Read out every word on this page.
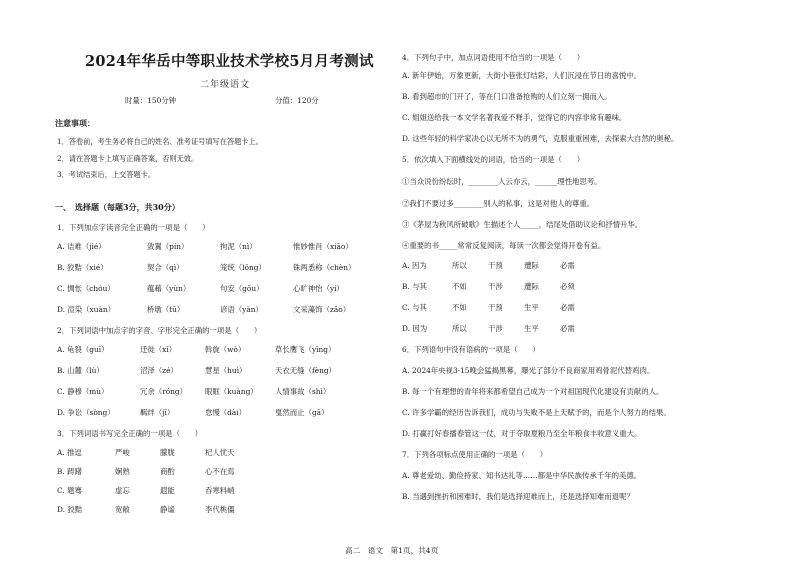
2024年华岳中等职业技术学校5月月考测试
二年级语文
时量：150分钟	分值：120分
注意事项：
1．答卷前，考生务必将自己的姓名、准考证号填写在答题卡上。
2．请在答题卡上填写正确答案，否则无效。
3．考试结束后，上交答题卡。
一、　选择题（每题3分，共30分）
1．下列加点字读音完全正确的一项是（　　）
A. 诘难（jié）	敛翼（pín）	拘泥（nì）	惟妙惟肖（xiāo）
B. 狡黠（xié）	契合（qì）	笼统（lǒng）	铢两悉称（chèn）
C. 惆怅（chóu）	蕴藉（yùn）	句安（gōu）	心旷神怡（yí）
D. 渲染（xuàn）	桥墩（tū）	谚语（yàn）	文采藻饰（zǎo）
2．下列词语中加点字的字音、字形完全正确的一项是（　　）
A. 龟裂（guī）	迁徙（xǐ）	斡旋（wò）	草长鹰飞（yīng）
B. 山麓（lù）	沼泽（zé）	慧星（huì）	天衣无缝（fèng）
C. 静穆（mù）	冗余（róng） 眼眶（kuàng） 人情事故（shì）
D. 争讼（sòng）	羁绊（jī）	怠慢（dài）	戛然而止（gā）
3．下列词语书写完全正确的一项是（　　）
A. 推逗	严峻	朦胧	杞人忧天
B. 踌躇	娴熟	商酌	心不在焉
C. 题骞	虚忘	遐能	吞寒料峭
D. 狡黠	宽敞	静谧	李代桃僵
4．下列句子中，加点词语使用不恰当的一项是（　　）
A. 新年伊始，万象更新，大街小巷张灯结彩，人们沉浸在节日的喜悦中。
B. 看到超市的门开了，等在门口准备抢购的人们立刻一拥而入。
C. 姐姐送给我一本文学名著我爱不释手，觉得它的内容非常有趣味。
D. 这些年轻的科学家决心以无所不为的勇气，克服重重困难，去探索大自然的奥秘。
5．依次填入下面横线处的词语，恰当的一项是（　　）
①当众说份纷纭时，________人云亦云，______理性地思考。
②我们不要过多________别人的私事，这是对他人的尊重。
③《茅屋为秋风所破歌》生描述个人_____，结尾处借助议论和抒情升华。
④重要的书_____常常反复阅读，每读一次都会觉得开卷有益。
A. 因为	所以	干预	遭际	必需
B. 与其	不如	干涉	遭际	必须
C. 与其	不如	干预	生平	必需
D. 因为	所以	干涉	生平	必需
6．下列语句中没有语病的一项是（　　）
A. 2024年央视3·15晚会猛揭黑幕，曝光了部分不良商家用鸡骨泥代替鸡肉。
B. 每一个有理想的青年将来都希望自己成为一个对祖国现代化建设有贡献的人。
C. 许多学霸的经历告诉我们，成功与失败不是上天赋予的，而是个人努力的结果。
D. 打赢打好春播春管这一仗，对于夺取夏粮乃至全年粮食丰收意义重大。
7．下列各项标点使用正确的一项是（　　）
A. 尊老爱幼、勤俭持家、知书达礼等……都是中华民族传承千年的美德。
B. 当遇到挫折和困难时，我们是选择迎难而上，还是选择知难而退呢？
高二　语文　第1页，共4页
